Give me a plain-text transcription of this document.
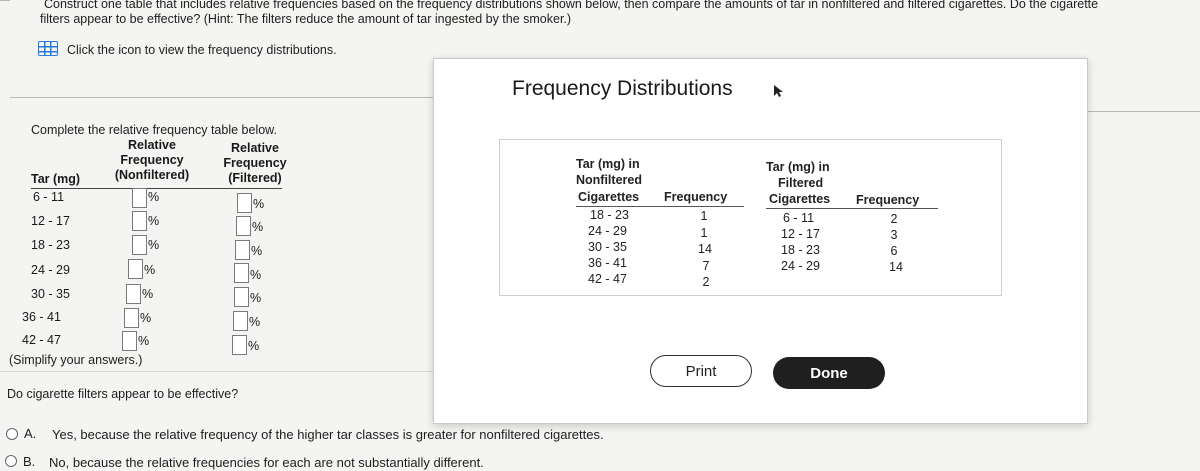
Construct one table that includes relative frequencies based on the frequency distributions shown below, then compare the amounts of tar in nonfiltered and filtered cigarettes. Do the cigarette
filters appear to be effective? (Hint: The filters reduce the amount of tar ingested by the smoker.)
Click the icon to view the frequency distributions.
Complete the relative frequency table below.
Relative
Frequency
(Nonfiltered)
Relative
Frequency
(Filtered)
Tar (mg)
6 - 11
12 - 17
18 - 23
24 - 29
30 - 35
36 - 41
42 - 47
%
%
%
%
%
%
%
%
%
%
%
%
%
%
(Simplify your answers.)
Do cigarette filters appear to be effective?
A. Yes, because the relative frequency of the higher tar classes is greater for nonfiltered cigarettes.
B. No, because the relative frequencies for each are not substantially different.
Frequency Distributions
Tar (mg) in
Nonfiltered
Cigarettes Frequency
18 - 23
24 - 29
30 - 35
36 - 41
42 - 47
1
1
14
7
2
Tar (mg) in
Filtered
Cigarettes Frequency
6 - 11
12 - 17
18 - 23
24 - 29
2
3
6
14
Print	Done
